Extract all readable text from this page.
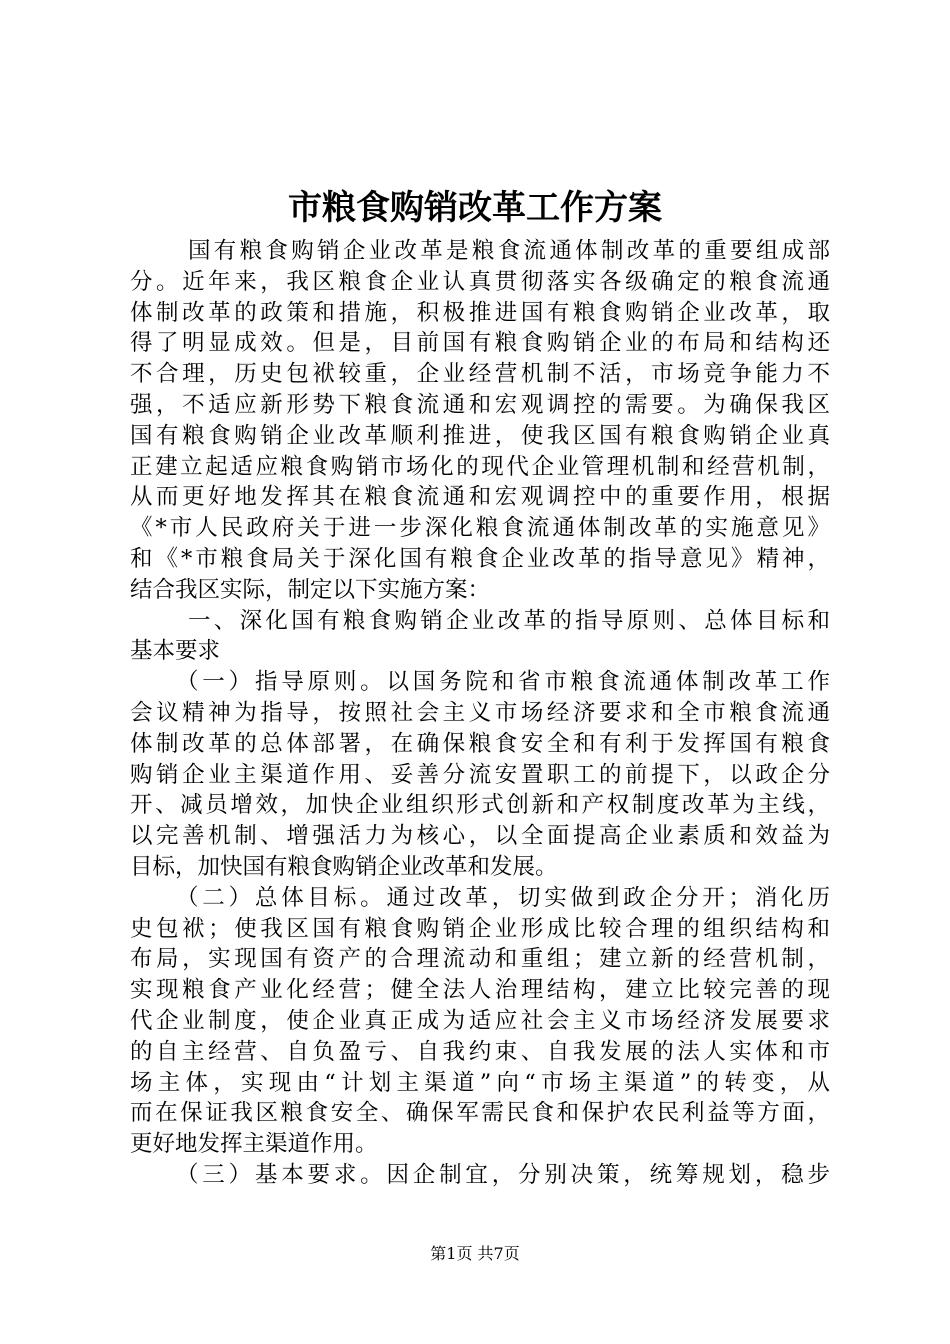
市粮食购销改革工作方案
国有粮食购销企业改革是粮食流通体制改革的重要组成部
分。近年来，我区粮食企业认真贯彻落实各级确定的粮食流通
体制改革的政策和措施，积极推进国有粮食购销企业改革，取
得了明显成效。但是，目前国有粮食购销企业的布局和结构还
不合理，历史包袱较重，企业经营机制不活，市场竞争能力不
强，不适应新形势下粮食流通和宏观调控的需要。为确保我区
国有粮食购销企业改革顺利推进，使我区国有粮食购销企业真
正建立起适应粮食购销市场化的现代企业管理机制和经营机制，
从而更好地发挥其在粮食流通和宏观调控中的重要作用，根据
《*市人民政府关于进一步深化粮食流通体制改革的实施意见》
和《*市粮食局关于深化国有粮食企业改革的指导意见》精神，
结合我区实际，制定以下实施方案：
一、深化国有粮食购销企业改革的指导原则、总体目标和
基本要求
（一）指导原则。以国务院和省市粮食流通体制改革工作
会议精神为指导，按照社会主义市场经济要求和全市粮食流通
体制改革的总体部署，在确保粮食安全和有利于发挥国有粮食
购销企业主渠道作用、妥善分流安置职工的前提下，以政企分
开、减员增效，加快企业组织形式创新和产权制度改革为主线，
以完善机制、增强活力为核心，以全面提高企业素质和效益为
目标，加快国有粮食购销企业改革和发展。
（二）总体目标。通过改革，切实做到政企分开；消化历
史包袱；使我区国有粮食购销企业形成比较合理的组织结构和
布局，实现国有资产的合理流动和重组；建立新的经营机制，
实现粮食产业化经营；健全法人治理结构，建立比较完善的现
代企业制度，使企业真正成为适应社会主义市场经济发展要求
的自主经营、自负盈亏、自我约束、自我发展的法人实体和市
场主体，实现由“计划主渠道”向“市场主渠道”的转变，从
而在保证我区粮食安全、确保军需民食和保护农民利益等方面，
更好地发挥主渠道作用。
（三）基本要求。因企制宜，分别决策，统筹规划，稳步
第1页 共7页
